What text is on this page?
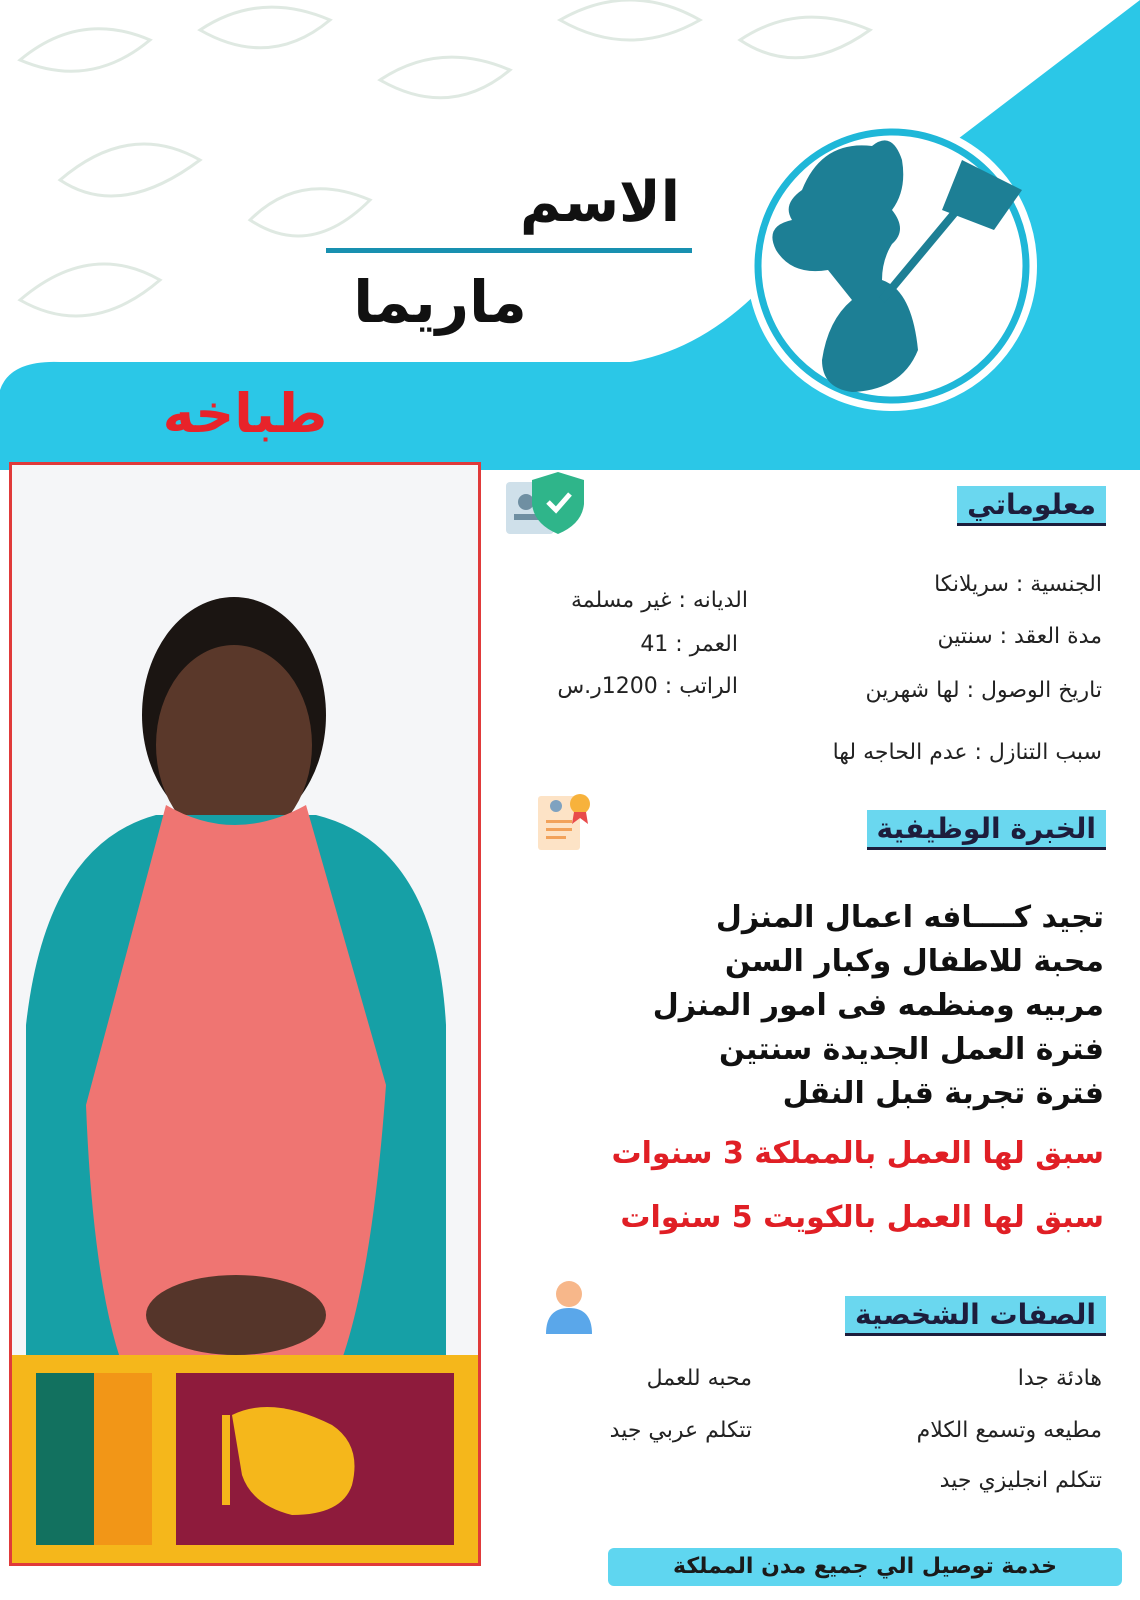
الاسم
ماريما
طباخه
معلوماتي
الجنسية : سريلانكا
مدة العقد : سنتين
تاريخ الوصول : لها شهرين
سبب التنازل : عدم الحاجه لها
الديانه : غير مسلمة
العمر : 41
الراتب : 1200ر.س
الخبرة الوظيفية
تجيد كــــافه اعمال المنزل
محبة للاطفال وكبار السن
مربيه ومنظمه فى امور المنزل
فترة العمل الجديدة سنتين
فترة تجربة قبل النقل
سبق لها العمل بالمملكة 3 سنوات
سبق لها العمل بالكويت 5 سنوات
الصفات الشخصية
هادئة جدا
مطيعه وتسمع الكلام
تتكلم انجليزي جيد
محبه للعمل
تتكلم عربي جيد
خدمة توصيل الي جميع مدن المملكة
